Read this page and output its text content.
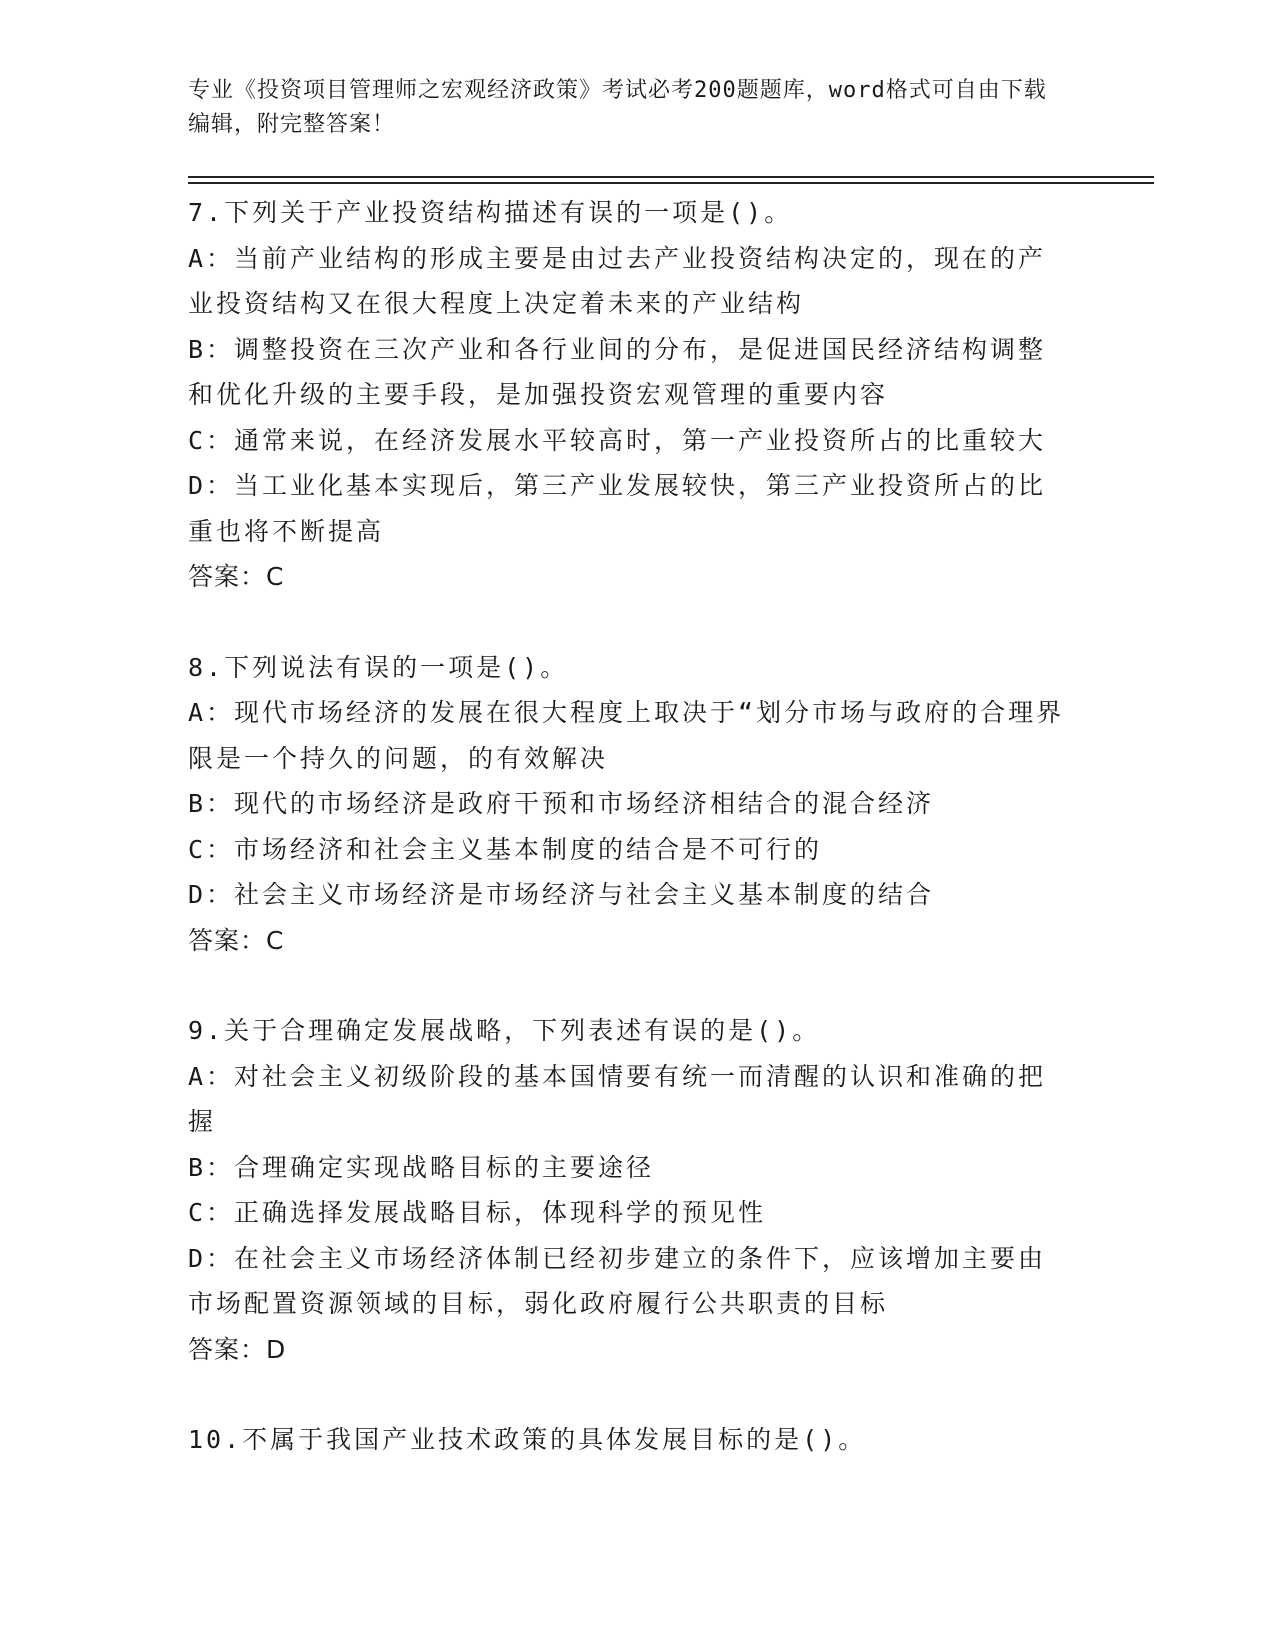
专业《投资项目管理师之宏观经济政策》考试必考200题题库，word格式可自由下载编辑，附完整答案！

7.下列关于产业投资结构描述有误的一项是()。

A：当前产业结构的形成主要是由过去产业投资结构决定的，现在的产业投资结构又在很大程度上决定着未来的产业结构

B：调整投资在三次产业和各行业间的分布，是促进国民经济结构调整和优化升级的主要手段，是加强投资宏观管理的重要内容

C：通常来说，在经济发展水平较高时，第一产业投资所占的比重较大

D：当工业化基本实现后，第三产业发展较快，第三产业投资所占的比重也将不断提高

答案：C

8.下列说法有误的一项是()。

A：现代市场经济的发展在很大程度上取决于“划分市场与政府的合理界限是一个持久的问题，的有效解决

B：现代的市场经济是政府干预和市场经济相结合的混合经济

C：市场经济和社会主义基本制度的结合是不可行的

D：社会主义市场经济是市场经济与社会主义基本制度的结合

答案：C

9.关于合理确定发展战略，下列表述有误的是()。

A：对社会主义初级阶段的基本国情要有统一而清醒的认识和准确的把握

B：合理确定实现战略目标的主要途径

C：正确选择发展战略目标，体现科学的预见性

D：在社会主义市场经济体制已经初步建立的条件下，应该增加主要由市场配置资源领域的目标，弱化政府履行公共职责的目标

答案：D

10.不属于我国产业技术政策的具体发展目标的是()。
